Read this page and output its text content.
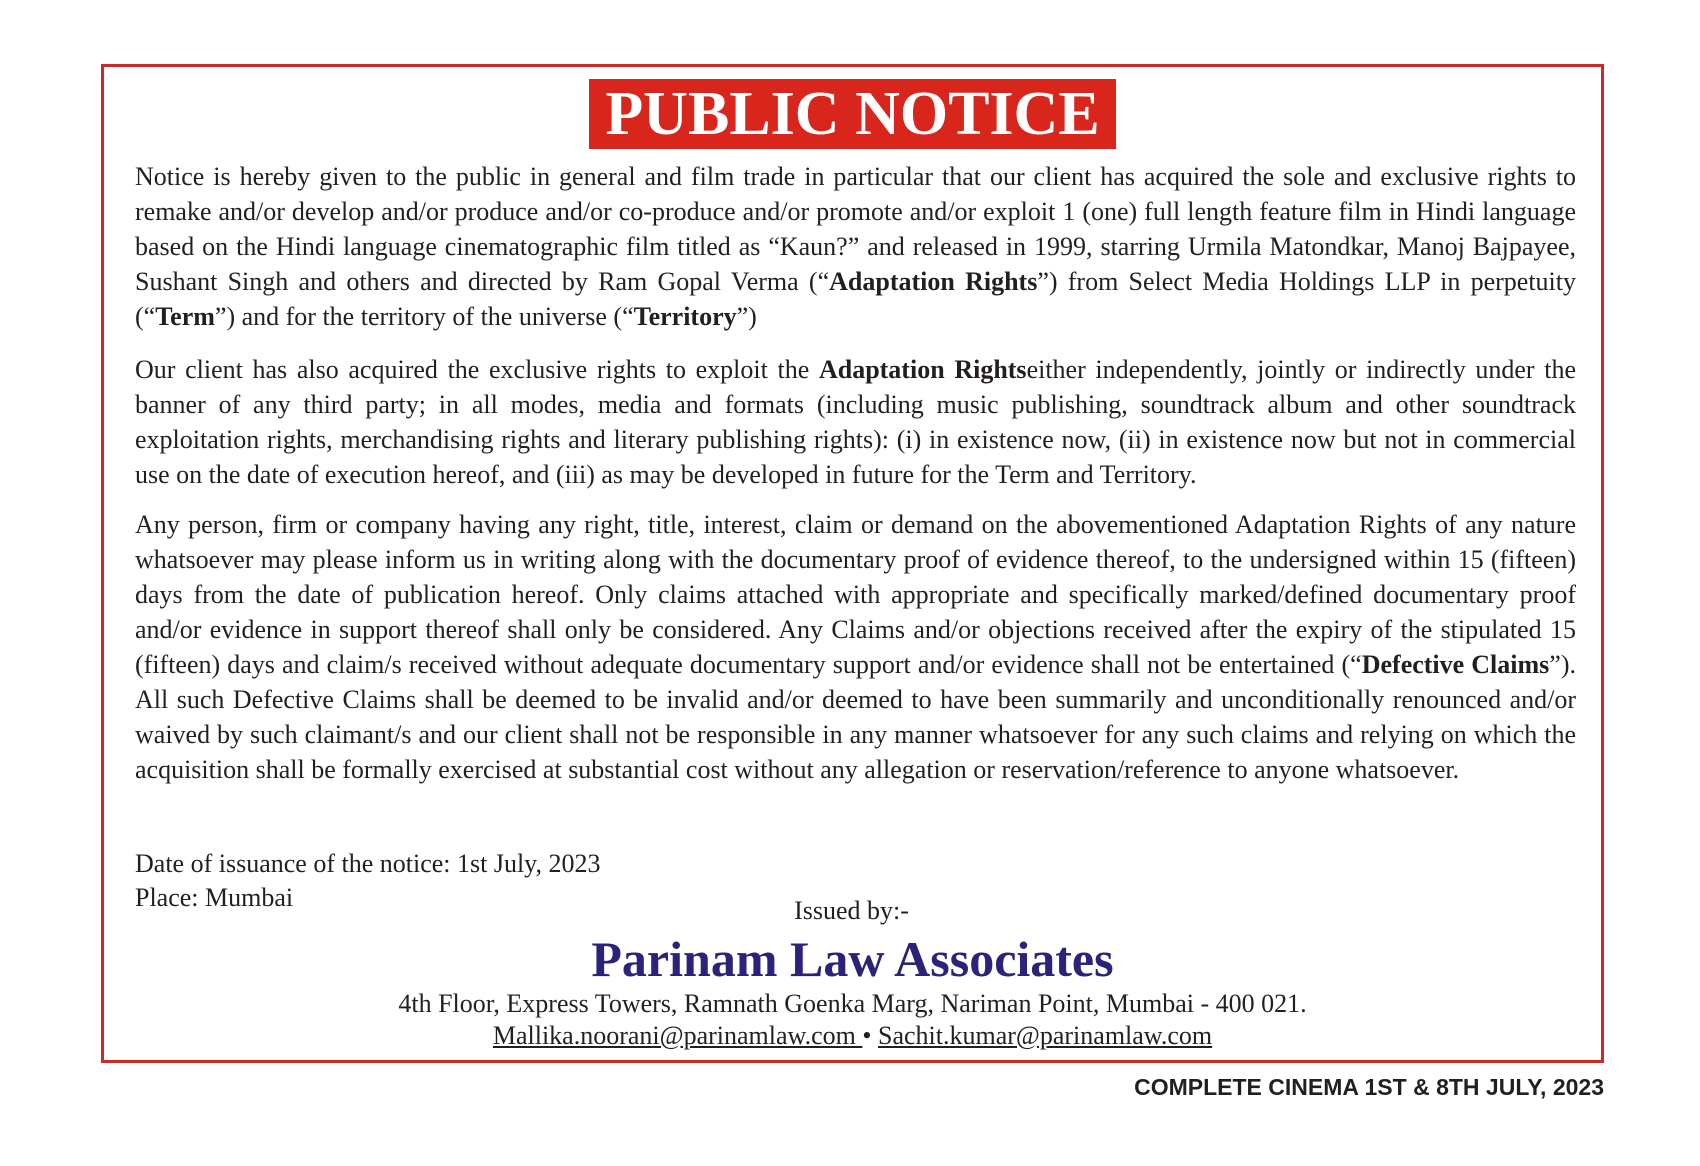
PUBLIC NOTICE

Notice is hereby given to the public in general and film trade in particular that our client has acquired the sole and exclusive rights to remake and/or develop and/or produce and/or co-produce and/or promote and/or exploit 1 (one) full length feature film in Hindi language based on the Hindi language cinematographic film titled as “Kaun?” and released in 1999, starring Urmila Matondkar, Manoj Bajpayee, Sushant Singh and others and directed by Ram Gopal Verma (“Adaptation Rights”) from Select Media Holdings LLP in perpetuity (“Term”) and for the territory of the universe (“Territory”)

Our client has also acquired the exclusive rights to exploit the Adaptation Rightseither independently, jointly or indirectly under the banner of any third party; in all modes, media and formats (including music publishing, soundtrack album and other soundtrack exploitation rights, merchandising rights and literary publishing rights): (i) in existence now, (ii) in existence now but not in commercial use on the date of execution hereof, and (iii) as may be developed in future for the Term and Territory.

Any person, firm or company having any right, title, interest, claim or demand on the abovementioned Adaptation Rights of any nature whatsoever may please inform us in writing along with the documentary proof of evidence thereof, to the undersigned within 15 (fifteen) days from the date of publication hereof. Only claims attached with appropriate and specifically marked/defined documentary proof and/or evidence in support thereof shall only be considered. Any Claims and/or objections received after the expiry of the stipulated 15 (fifteen) days and claim/s received without adequate documentary support and/or evidence shall not be entertained (“Defective Claims”). All such Defective Claims shall be deemed to be invalid and/or deemed to have been summarily and unconditionally renounced and/or waived by such claimant/s and our client shall not be responsible in any manner whatsoever for any such claims and relying on which the acquisition shall be formally exercised at substantial cost without any allegation or reservation/reference to anyone whatsoever.

Date of issuance of the notice: 1st July, 2023
Place: Mumbai	Issued by:-
Parinam Law Associates
4th Floor, Express Towers, Ramnath Goenka Marg, Nariman Point, Mumbai - 400 021.
Mallika.noorani@parinamlaw.com • Sachit.kumar@parinamlaw.com
COMPLETE CINEMA 1ST & 8TH JULY, 2023
